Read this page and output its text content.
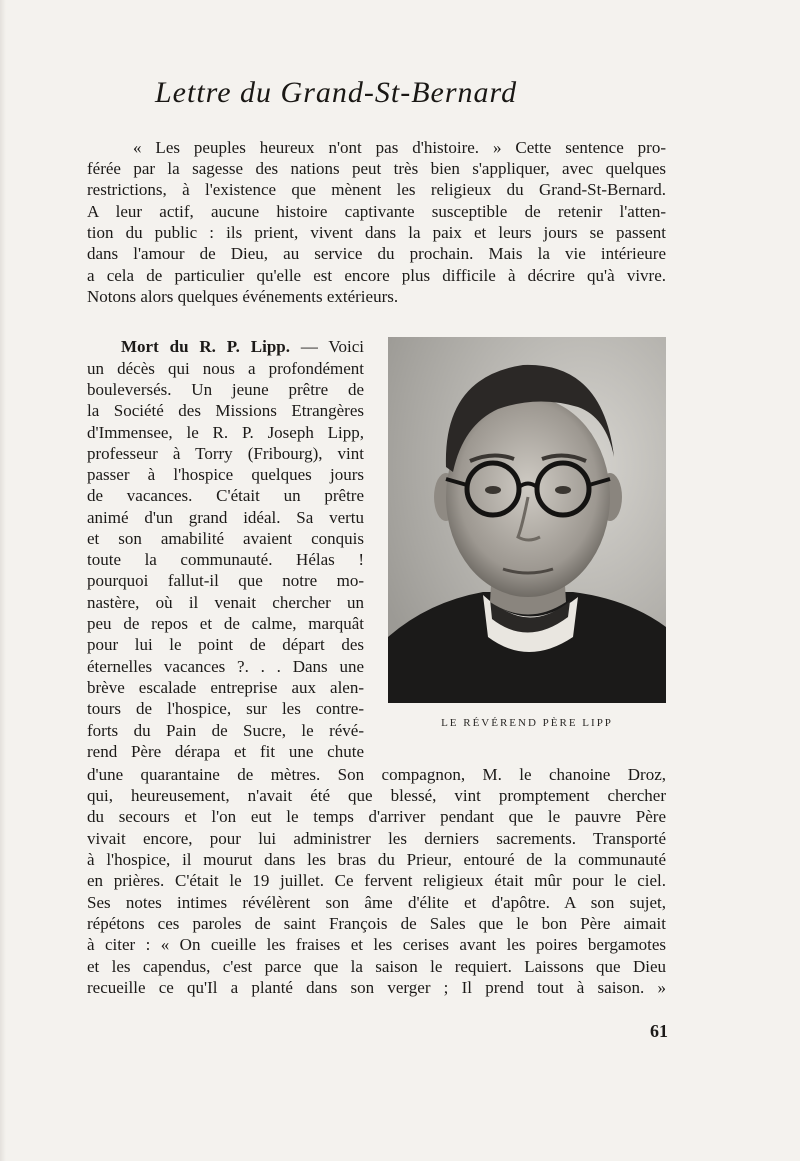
Lettre du Grand-St-Bernard
« Les peuples heureux n'ont pas d'histoire. » Cette sentence pro-
férée par la sagesse des nations peut très bien s'appliquer, avec quelques
restrictions, à l'existence que mènent les religieux du Grand-St-Bernard.
A leur actif, aucune histoire captivante susceptible de retenir l'atten-
tion du public : ils prient, vivent dans la paix et leurs jours se passent
dans l'amour de Dieu, au service du prochain. Mais la vie intérieure
a cela de particulier qu'elle est encore plus difficile à décrire qu'à vivre.
Notons alors quelques événements extérieurs.
Mort du R. P. Lipp. — Voici
un décès qui nous a profondément
bouleversés. Un jeune prêtre de
la Société des Missions Etrangères
d'Immensee, le R. P. Joseph Lipp,
professeur à Torry (Fribourg), vint
passer à l'hospice quelques jours
de vacances. C'était un prêtre
animé d'un grand idéal. Sa vertu
et son amabilité avaient conquis
toute la communauté. Hélas !
pourquoi fallut-il que notre mo-
nastère, où il venait chercher un
peu de repos et de calme, marquât
pour lui le point de départ des
éternelles vacances ?. . . Dans une
brève escalade entreprise aux alen-
tours de l'hospice, sur les contre-
forts du Pain de Sucre, le révé-
rend Père dérapa et fit une chute
LE RÉVÉREND PÈRE LIPP
d'une quarantaine de mètres. Son compagnon, M. le chanoine Droz,
qui, heureusement, n'avait été que blessé, vint promptement chercher
du secours et l'on eut le temps d'arriver pendant que le pauvre Père
vivait encore, pour lui administrer les derniers sacrements. Transporté
à l'hospice, il mourut dans les bras du Prieur, entouré de la communauté
en prières. C'était le 19 juillet. Ce fervent religieux était mûr pour le ciel.
Ses notes intimes révélèrent son âme d'élite et d'apôtre. A son sujet,
répétons ces paroles de saint François de Sales que le bon Père aimait
à citer : « On cueille les fraises et les cerises avant les poires bergamotes
et les capendus, c'est parce que la saison le requiert. Laissons que Dieu
recueille ce qu'Il a planté dans son verger ; Il prend tout à saison. »
61
